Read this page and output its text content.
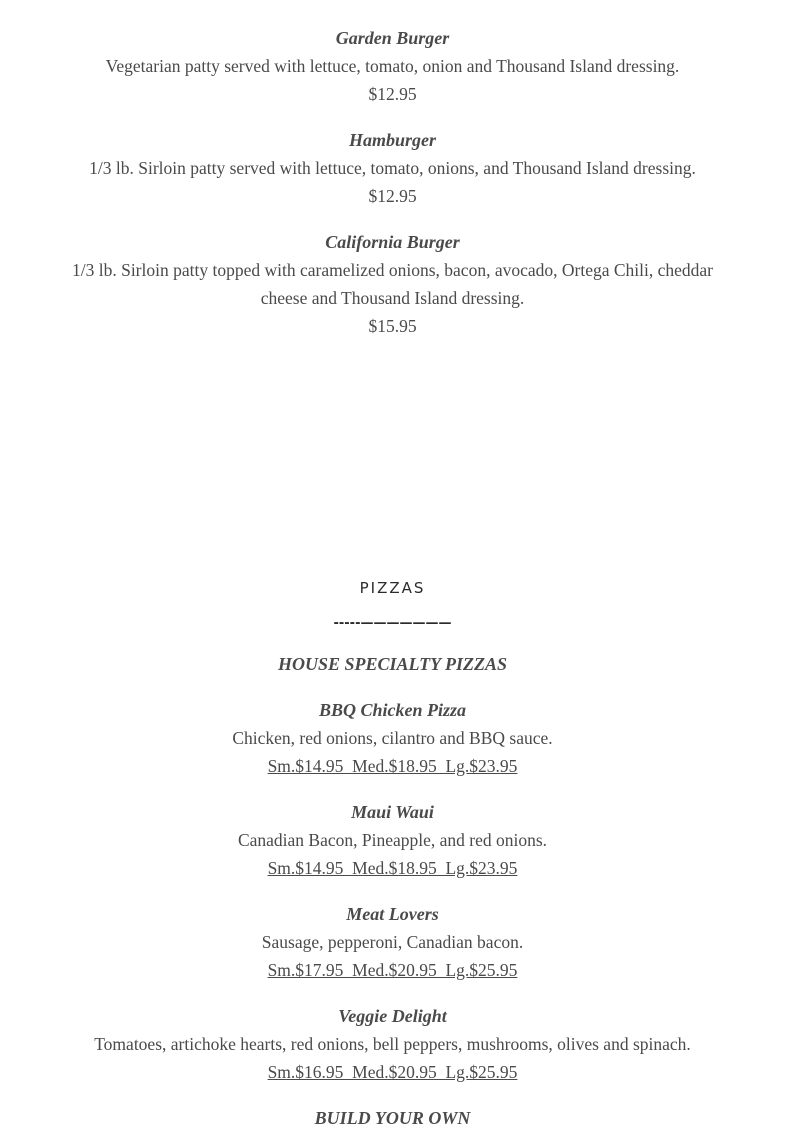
Garden Burger
Vegetarian patty served with lettuce, tomato, onion and Thousand Island dressing.
$12.95
Hamburger
1/3 lb. Sirloin patty served with lettuce, tomato, onions, and Thousand Island dressing.
$12.95
California Burger
1/3 lb. Sirloin patty topped with caramelized onions, bacon, avocado, Ortega Chili, cheddar cheese and Thousand Island dressing.
$15.95
PIZZAS
-----———————
HOUSE SPECIALTY PIZZAS
BBQ Chicken Pizza
Chicken, red onions, cilantro and BBQ sauce.
Sm.$14.95  Med.$18.95  Lg.$23.95
Maui Waui
Canadian Bacon, Pineapple, and red onions.
Sm.$14.95  Med.$18.95  Lg.$23.95
Meat Lovers
Sausage, pepperoni, Canadian bacon.
Sm.$17.95  Med.$20.95  Lg.$25.95
Veggie Delight
Tomatoes, artichoke hearts, red onions, bell peppers, mushrooms, olives and spinach.
Sm.$16.95  Med.$20.95  Lg.$25.95
BUILD YOUR OWN
